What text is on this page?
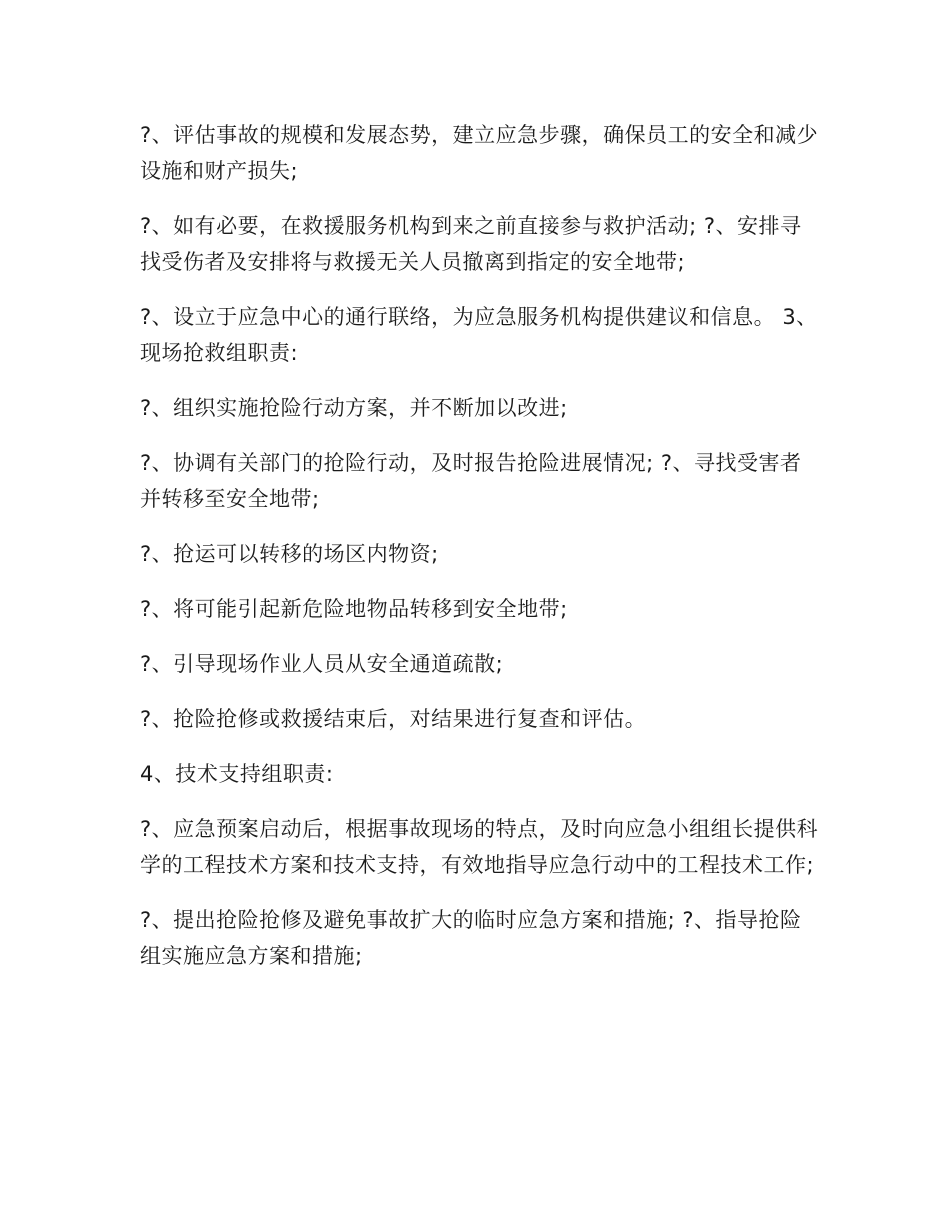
?、评估事故的规模和发展态势，建立应急步骤，确保员工的安全和减少设施和财产损失;

?、如有必要，在救援服务机构到来之前直接参与救护活动; ?、安排寻找受伤者及安排将与救援无关人员撤离到指定的安全地带;

?、设立于应急中心的通行联络，为应急服务机构提供建议和信息。 3、现场抢救组职责:

?、组织实施抢险行动方案，并不断加以改进;

?、协调有关部门的抢险行动，及时报告抢险进展情况; ?、寻找受害者并转移至安全地带;

?、抢运可以转移的场区内物资;

?、将可能引起新危险地物品转移到安全地带;

?、引导现场作业人员从安全通道疏散;

?、抢险抢修或救援结束后，对结果进行复查和评估。

4、技术支持组职责:

?、应急预案启动后，根据事故现场的特点，及时向应急小组组长提供科学的工程技术方案和技术支持，有效地指导应急行动中的工程技术工作;

?、提出抢险抢修及避免事故扩大的临时应急方案和措施; ?、指导抢险组实施应急方案和措施;
